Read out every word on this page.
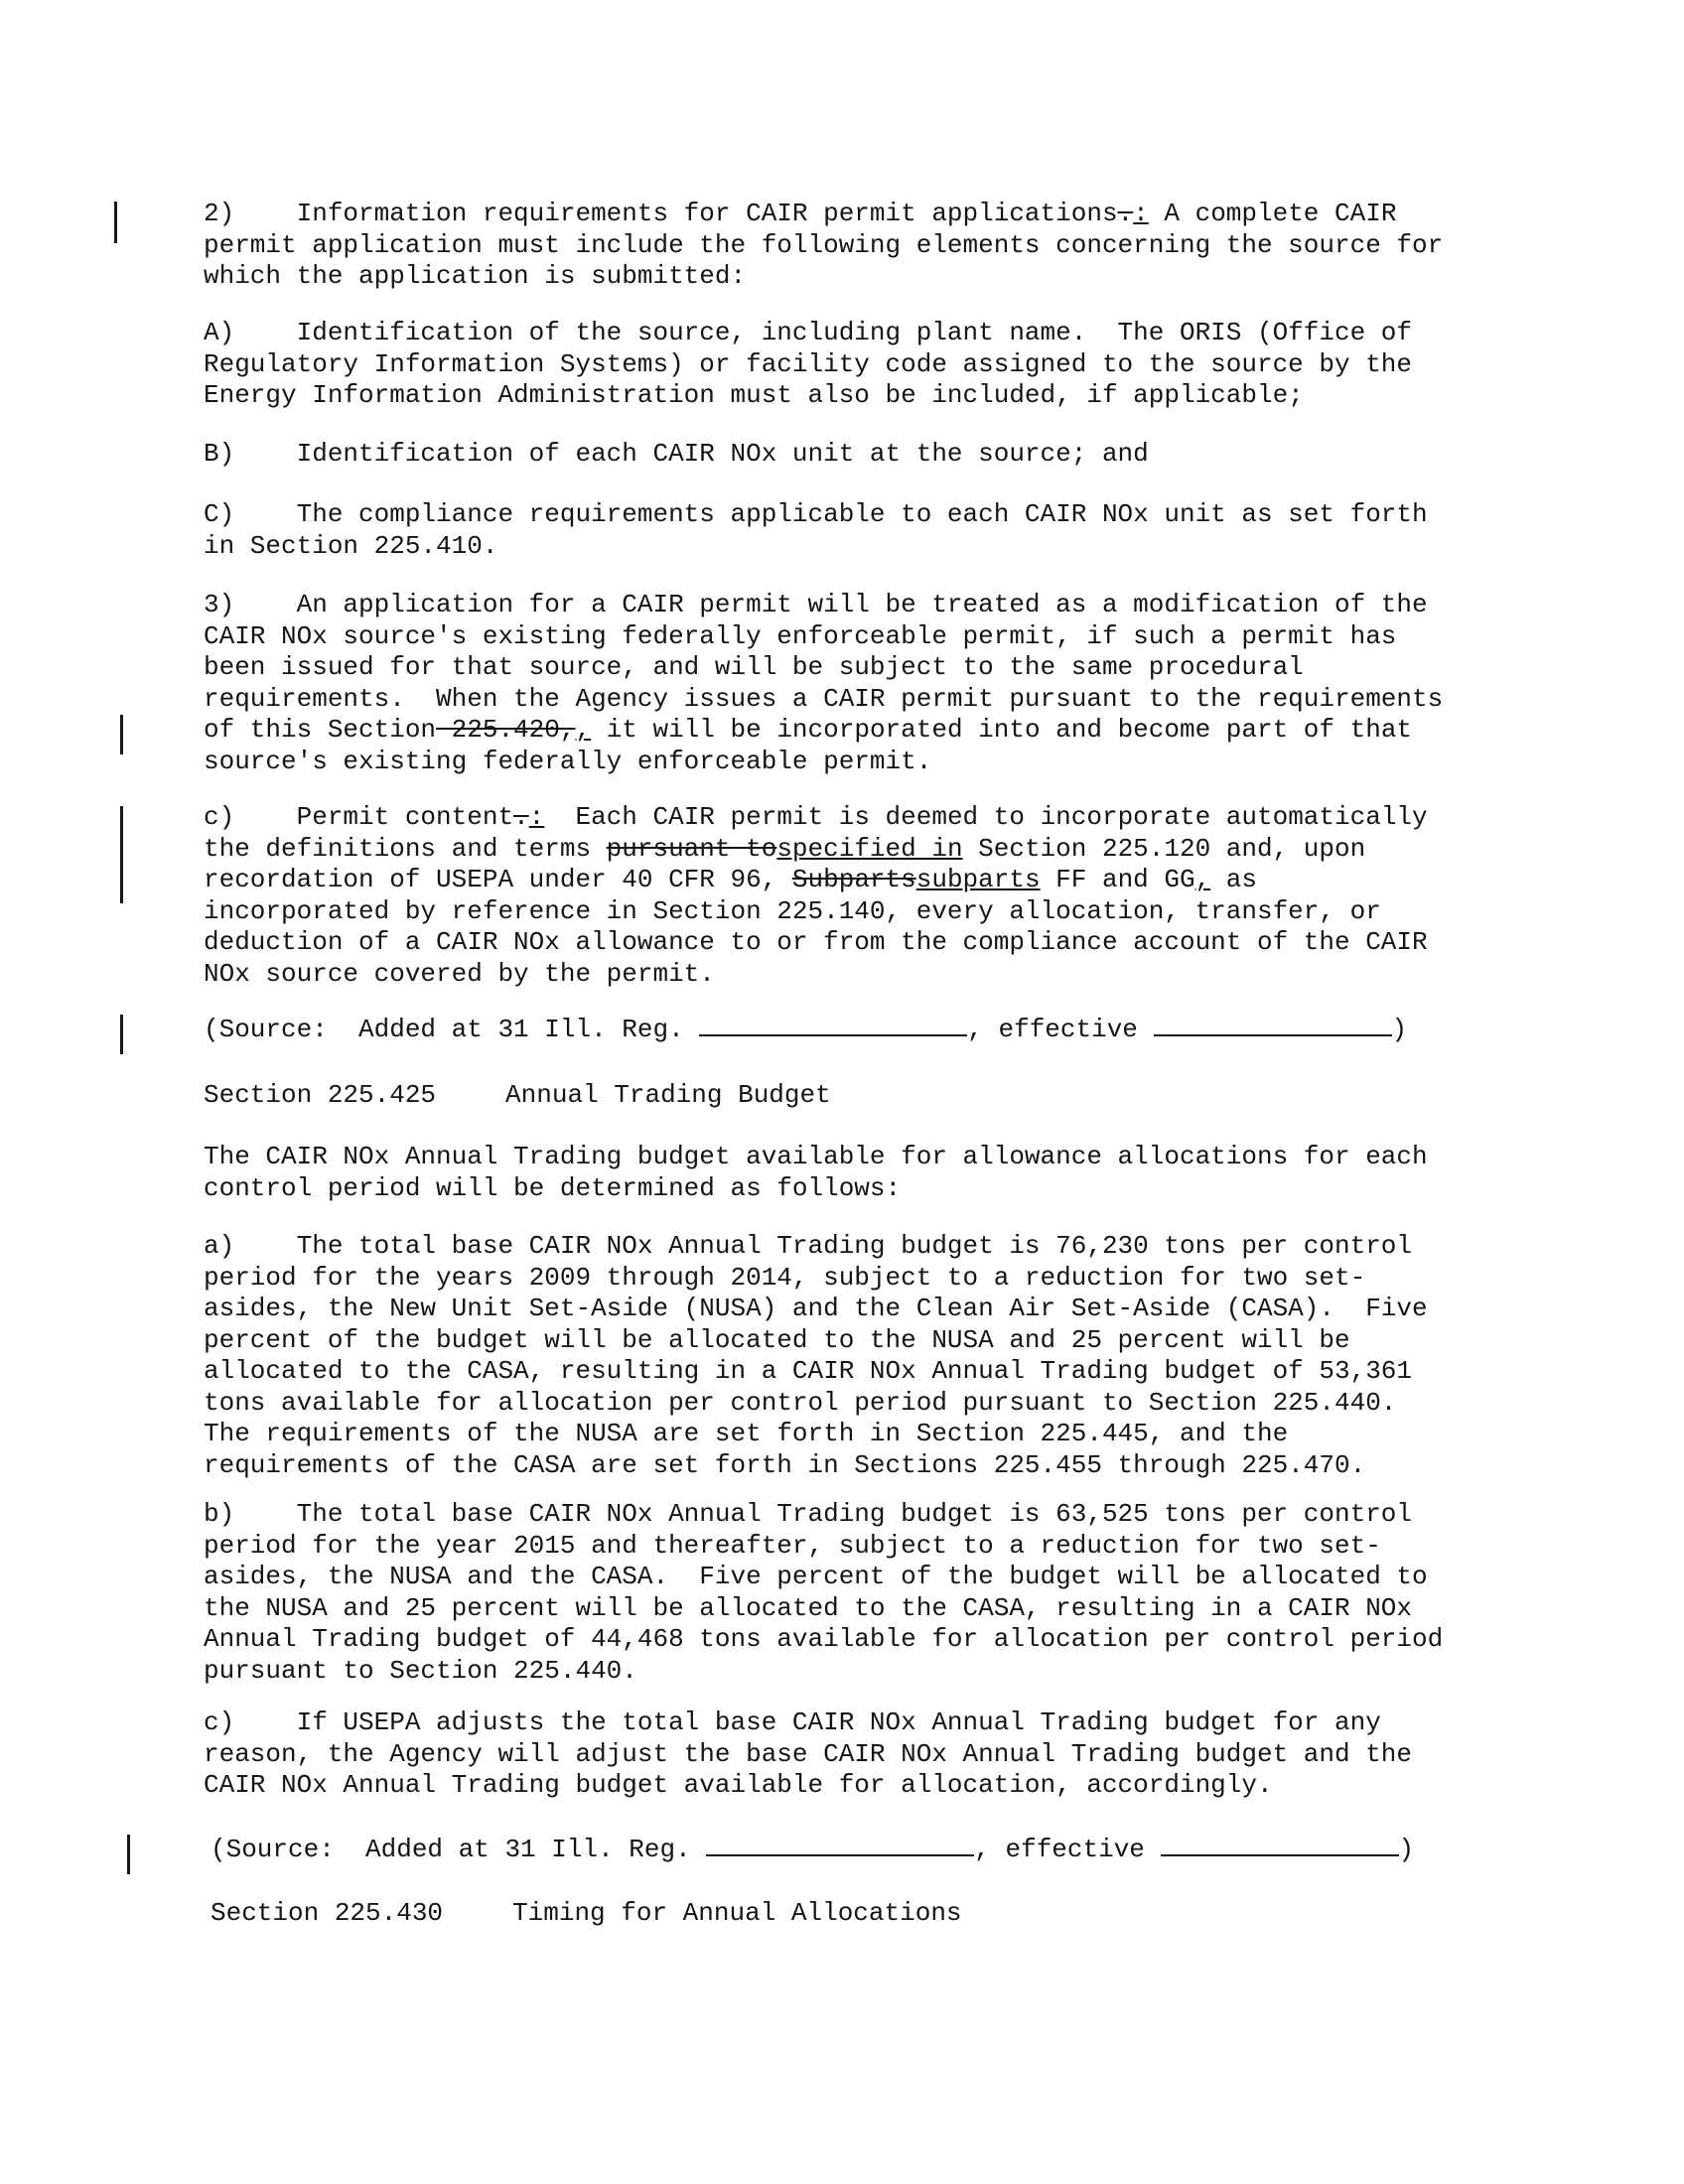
2)    Information requirements for CAIR permit applications.: A complete CAIR
permit application must include the following elements concerning the source for
which the application is submitted:
A)    Identification of the source, including plant name.  The ORIS (Office of
Regulatory Information Systems) or facility code assigned to the source by the
Energy Information Administration must also be included, if applicable;
B)    Identification of each CAIR NOx unit at the source; and
C)    The compliance requirements applicable to each CAIR NOx unit as set forth
in Section 225.410.
3)    An application for a CAIR permit will be treated as a modification of the
CAIR NOx source's existing federally enforceable permit, if such a permit has
been issued for that source, and will be subject to the same procedural
requirements.  When the Agency issues a CAIR permit pursuant to the requirements
of this Section 225.420,, it will be incorporated into and become part of that
source's existing federally enforceable permit.
c)    Permit content.:  Each CAIR permit is deemed to incorporate automatically
the definitions and terms pursuant tospecified in Section 225.120 and, upon
recordation of USEPA under 40 CFR 96, Subpartssubparts FF and GG, as
incorporated by reference in Section 225.140, every allocation, transfer, or
deduction of a CAIR NOx allowance to or from the compliance account of the CAIR
NOx source covered by the permit.
(Source:  Added at 31 Ill. Reg.	, effective	)
Section 225.425	Annual Trading Budget
The CAIR NOx Annual Trading budget available for allowance allocations for each
control period will be determined as follows:
a)    The total base CAIR NOx Annual Trading budget is 76,230 tons per control
period for the years 2009 through 2014, subject to a reduction for two set-
asides, the New Unit Set-Aside (NUSA) and the Clean Air Set-Aside (CASA).  Five
percent of the budget will be allocated to the NUSA and 25 percent will be
allocated to the CASA, resulting in a CAIR NOx Annual Trading budget of 53,361
tons available for allocation per control period pursuant to Section 225.440.
The requirements of the NUSA are set forth in Section 225.445, and the
requirements of the CASA are set forth in Sections 225.455 through 225.470.
b)    The total base CAIR NOx Annual Trading budget is 63,525 tons per control
period for the year 2015 and thereafter, subject to a reduction for two set-
asides, the NUSA and the CASA.  Five percent of the budget will be allocated to
the NUSA and 25 percent will be allocated to the CASA, resulting in a CAIR NOx
Annual Trading budget of 44,468 tons available for allocation per control period
pursuant to Section 225.440.
c)    If USEPA adjusts the total base CAIR NOx Annual Trading budget for any
reason, the Agency will adjust the base CAIR NOx Annual Trading budget and the
CAIR NOx Annual Trading budget available for allocation, accordingly.
(Source:  Added at 31 Ill. Reg.	, effective	)
Section 225.430	Timing for Annual Allocations
